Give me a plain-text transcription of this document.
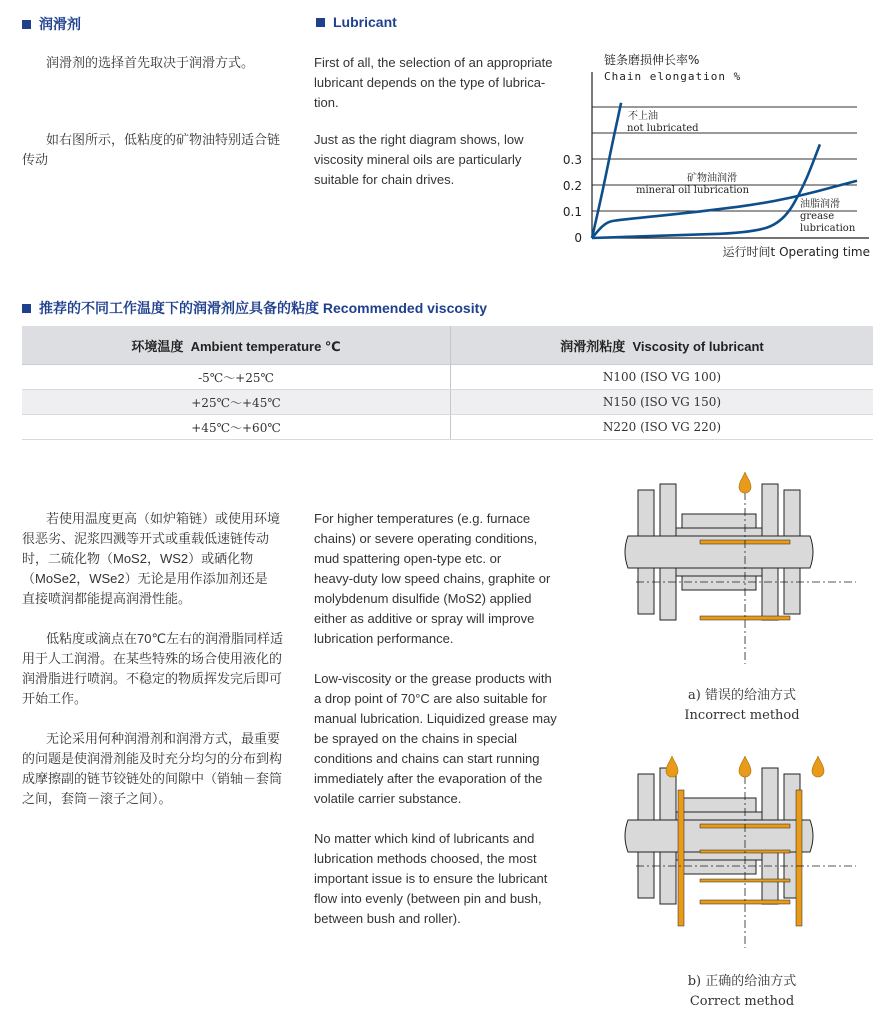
润滑剂	Lubricant
润滑剂的选择首先取决于润滑方式。
如右图所示，低粘度的矿物油特别适合链
传动
First of all, the selection of an appropriate
lubricant depends on the type of lubrica-
tion.
Just as the right diagram shows, low
viscosity mineral oils are particularly
suitable for chain drives.
链条磨损伸长率%
Chain elongation %
0
0.1
0.2
0.3
不上油
not lubricated
矿物油润滑
mineral oil lubrication
油脂润滑
grease
lubrication
运行时间t Operating time
推荐的不同工作温度下的润滑剂应具备的粘度 Recommended viscosity
环境温度 Ambient temperature ℃	润滑剂粘度 Viscosity of lubricant
-5℃～+25℃	N100 (ISO VG 100)
+25℃～+45℃	N150 (ISO VG 150)
+45℃～+60℃	N220 (ISO VG 220)
若使用温度更高（如炉箱链）或使用环境
很恶劣、泥浆四溅等开式或重载低速链传动
时，二硫化物（MoS2，WS2）或硒化物
（MoSe2，WSe2）无论是用作添加剂还是
直接喷润都能提高润滑性能。
低粘度或滴点在70℃左右的润滑脂同样适
用于人工润滑。在某些特殊的场合使用液化的
润滑脂进行喷润。不稳定的物质挥发完后即可
开始工作。
无论采用何种润滑剂和润滑方式，最重要
的问题是使润滑剂能及时充分均匀的分布到构
成摩擦副的链节铰链处的间隙中（销轴－套筒
之间，套筒－滚子之间）。
For higher temperatures (e.g. furnace
chains) or severe operating conditions,
mud spattering open-type etc. or
heavy-duty low speed chains, graphite or
molybdenum disulfide (MoS2) applied
either as additive or spray will improve
lubrication performance.
Low-viscosity or the grease products with
a drop point of 70°C are also suitable for
manual lubrication. Liquidized grease may
be sprayed on the chains in special
conditions and chains can start running
immediately after the evaporation of the
volatile carrier substance.
No matter which kind of lubricants and
lubrication methods choosed, the most
important issue is to ensure the lubricant
flow into evenly (between pin and bush,
between bush and roller).
a) 错误的给油方式
Incorrect method
b) 正确的给油方式
Correct method
